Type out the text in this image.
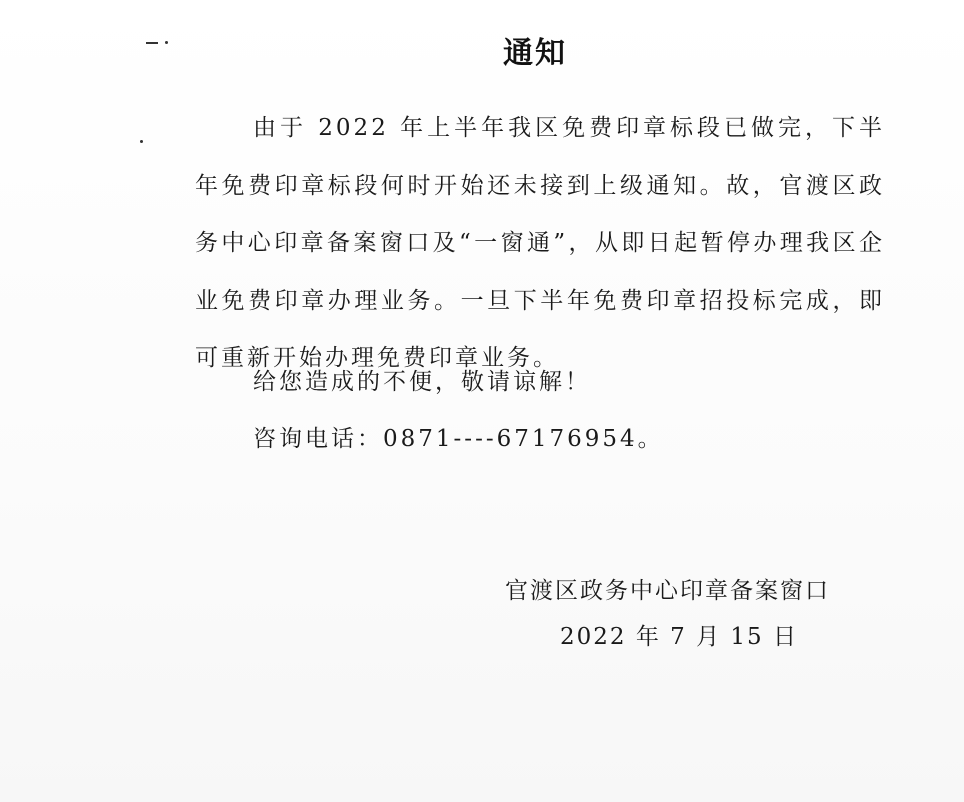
通知
由于 2022 年上半年我区免费印章标段已做完，下半年免费印章标段何时开始还未接到上级通知。故，官渡区政务中心印章备案窗口及“一窗通”，从即日起暂停办理我区企业免费印章办理业务。一旦下半年免费印章招投标完成，即可重新开始办理免费印章业务。
给您造成的不便，敬请谅解！
咨询电话：0871----67176954。
官渡区政务中心印章备案窗口
2022 年 7 月 15 日
